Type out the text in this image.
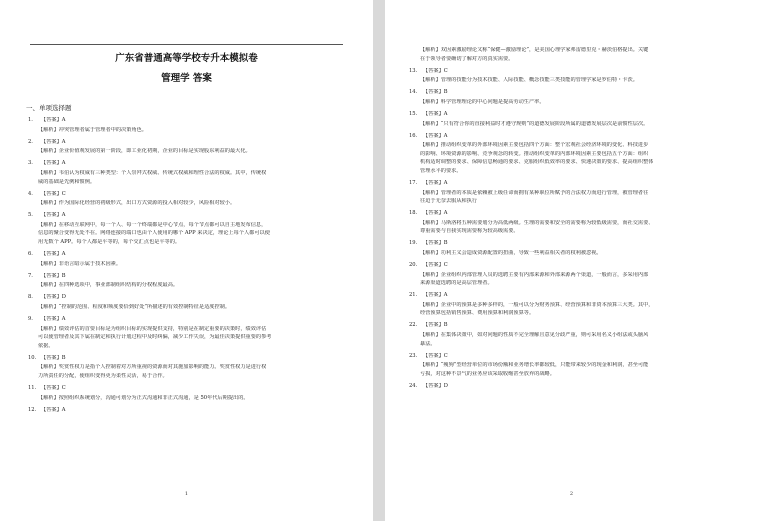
广东省普通高等学校专升本模拟卷
管理学 答案
一、单项选择题
1. 【答案】A
【解析】冲突管理者属于管理者中的决策角色。
2. 【答案】A
【解析】企业价值观发展的第一阶段，即工业化初期，企业的目标是实现股东利益的最大化。
3. 【答案】A
【解析】韦伯认为权威有三种类型：个人崇拜式权威、传统式权威和理性合法的权威。其中，传统权
威的基础是先例和惯例。
4. 【答案】C
【解析】作为国际化经营的初级形式，出口方式资源的投入相对较少，风险相对较小。
5. 【答案】A
【解析】在移动互联网中，每一个人、每一个终端都是中心节点，每个节点都可以自主地发布信息，
信息的聚合变得无处不在。网络连接的端口也由个人使用的哪个 APP 来决定，理论上每个人都可以使
用无数个 APP。每个人都是平等的，每个交汇点也是平等的。
6. 【答案】A
【解析】非语言暗示属于技术因素。
7. 【答案】B
【解析】在四种选项中，事业部制组织结构的分权程度最高。
8. 【答案】D
【解析】“控制的范围、程度和频度要恰到好处”所描述的有效控制特征是适度控制。
9. 【答案】A
【解析】绩效评估的首要目标是为组织目标的实现提供支持，特别是在制定重要的决策时，绩效评估
可以使管理者及其下属在制定和执行计划过程中及时纠偏，减少工作失误，为最佳决策提供重要的参考
依据。
10. 【答案】B
【解析】奖赏性权力是指个人控制着对方所重视的资源而对其施加影响的能力。奖赏性权力是进行权
力所责任的分配，使组织变得更为柔性灵活，易于合作。
11. 【答案】C
【解析】按照组织系统划分，沟通可划分为正式沟通和非正式沟通，是 50年代后期提出的。
12. 【答案】A
1
【解析】双因素激励理论又称“保健—激励理论”，是美国心理学家弗雷德里克・赫茨伯格提出。关键
在于领导者要确切了解对方的真实需要。
13. 【答案】C
【解析】管理的技能分为技术技能、人际技能、概念技能三类技能的管理学家是罗伯特・卡茨。
14. 【答案】B
【解析】科学管理理论的中心问题是提高劳动生产率。
15. 【答案】A
【解析】“只有符合你的直接利益时才遵守规则”的道德发展阶段所属的道德发展层次是前惯性层次。
16. 【答案】A
【解析】推动组织变革的外部环境因素主要包括四个方面：整个宏观社会经济环境的变化、科技进步
的影响、环境资源的影响、竞争观念的转变。推动组织变革的内部环境因素主要包括五个方面：组织
机构适时调整的要求、保障信息畅通的要求、克服组织低效率的要求、快速决策的要求、提高组织整体
管理水平的要求。
17. 【答案】A
【解析】管理者的本质是依赖被上级任命而拥有某种职位所赋予的合法权力而进行管理，被管理者往
往迫于无奈去服从和执行
18. 【答案】A
【解析】马斯洛将五种需要划分为高低两级。生理的需要和安全的需要称为较低级需要，而社交需要、
尊重需要与自我实现需要称为较高级需要。
19. 【答案】B
【解析】功利主义会造成资源配置的扭曲，导致一些利益相关者的权利被忽视。
20. 【答案】C
【解析】企业组织内部管理人员的选聘主要有内部来源和外部来源两个渠道，一般而言，多采用内部
来源渠道选聘的是高层管理者。
21. 【答案】A
【解析】企业中的预算是多种多样的，一般可以分为财务预算、经营预算和非资本预算三大类。其中，
经营预算包括销售预算、费用预算和利润预算等。
22. 【答案】B
【解析】在集体决策中，如对问题的性质不完全理解且意见分歧严重，则可采用名义小组法或头脑风
暴法。
23. 【答案】C
【解析】“瘦狗”型经营单位的市场份额和业务增长率都较低，只能带来较少的现金和利润，甚至可能
亏损，对这种不景气的业务应该采取收缩甚至放弃的战略。
24. 【答案】D
2
